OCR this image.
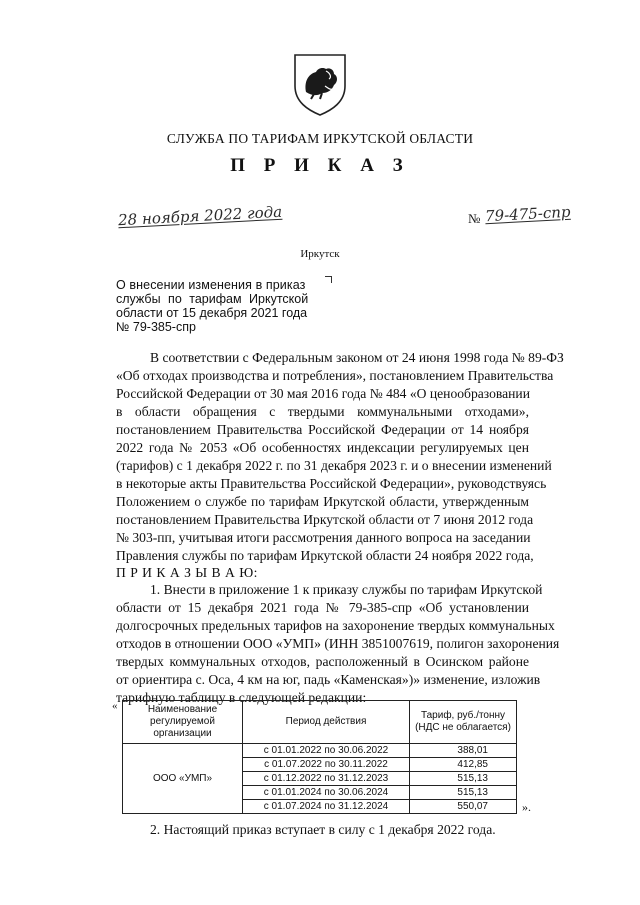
СЛУЖБА ПО ТАРИФАМ ИРКУТСКОЙ ОБЛАСТИ
П Р И К А З
28 ноября 2022 года	№ 79-475-спр
Иркутск
О внесении изменения в приказ
службы по тарифам Иркутской
области от 15 декабря 2021 года
№ 79-385-спр
В соответствии с Федеральным законом от 24 июня 1998 года № 89-ФЗ
«Об отходах производства и потребления», постановлением Правительства
Российской Федерации от 30 мая 2016 года № 484 «О ценообразовании
в области обращения с твердыми коммунальными отходами»,
постановлением Правительства Российской Федерации от 14 ноября
2022 года № 2053 «Об особенностях индексации регулируемых цен
(тарифов) с 1 декабря 2022 г. по 31 декабря 2023 г. и о внесении изменений
в некоторые акты Правительства Российской Федерации», руководствуясь
Положением о службе по тарифам Иркутской области, утвержденным
постановлением Правительства Иркутской области от 7 июня 2012 года
№ 303-пп, учитывая итоги рассмотрения данного вопроса на заседании
Правления службы по тарифам Иркутской области 24 ноября 2022 года,
П Р И К А З Ы В А Ю:
1. Внести в приложение 1 к приказу службы по тарифам Иркутской
области от 15 декабря 2021 года № 79-385-спр «Об установлении
долгосрочных предельных тарифов на захоронение твердых коммунальных
отходов в отношении ООО «УМП» (ИНН 3851007619, полигон захоронения
твердых коммунальных отходов, расположенный в Осинском районе
от ориентира с. Оса, 4 км на юг, падь «Каменская»)» изменение, изложив
тарифную таблицу в следующей редакции:
«	Наименование регулируемой организации	Период действия	Тариф, руб./тонну (НДС не облагается)
ООО «УМП»	с 01.01.2022 по 30.06.2022	388,01
	с 01.07.2022 по 30.11.2022	412,85
	с 01.12.2022 по 31.12.2023	515,13
	с 01.01.2024 по 30.06.2024	515,13
	с 01.07.2024 по 31.12.2024	550,07	».
2. Настоящий приказ вступает в силу с 1 декабря 2022 года.
